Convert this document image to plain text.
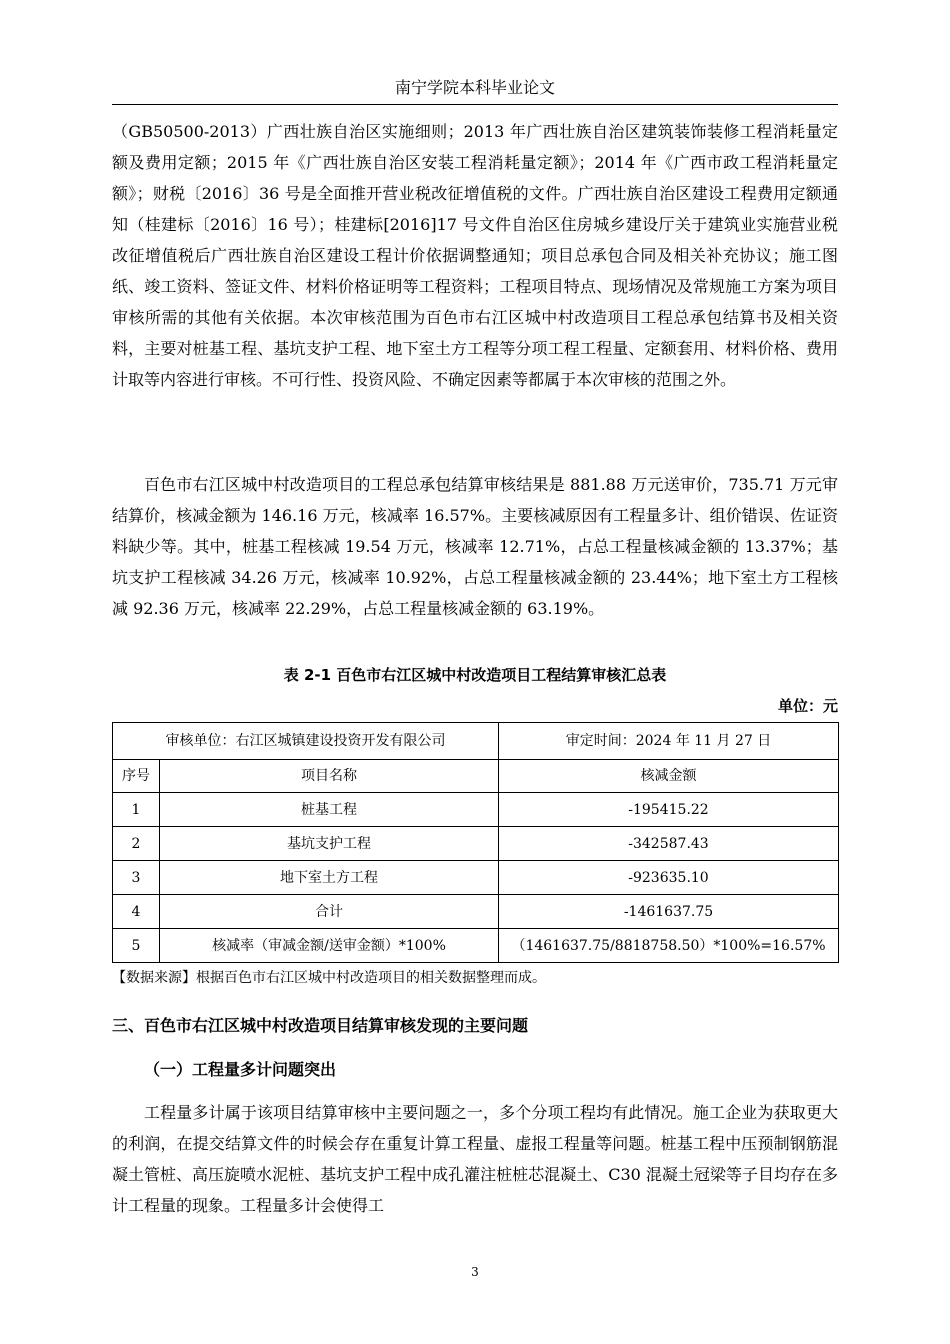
南宁学院本科毕业论文

（GB50500-2013）广西壮族自治区实施细则；2013 年广西壮族自治区建筑装饰装修工程消耗量定额及费用定额；2015 年《广西壮族自治区安装工程消耗量定额》；2014 年《广西市政工程消耗量定额》；财税〔2016〕36 号是全面推开营业税改征增值税的文件。广西壮族自治区建设工程费用定额通知（桂建标〔2016〕16 号）；桂建标[2016]17 号文件自治区住房城乡建设厅关于建筑业实施营业税改征增值税后广西壮族自治区建设工程计价依据调整通知；项目总承包合同及相关补充协议；施工图纸、竣工资料、签证文件、材料价格证明等工程资料；工程项目特点、现场情况及常规施工方案为项目审核所需的其他有关依据。本次审核范围为百色市右江区城中村改造项目工程总承包结算书及相关资料，主要对桩基工程、基坑支护工程、地下室土方工程等分项工程工程量、定额套用、材料价格、费用计取等内容进行审核。不可行性、投资风险、不确定因素等都属于本次审核的范围之外。

百色市右江区城中村改造项目的工程总承包结算审核结果是 881.88 万元送审价，735.71 万元审结算价，核减金额为 146.16 万元，核减率 16.57%。主要核减原因有工程量多计、组价错误、佐证资料缺少等。其中，桩基工程核减 19.54 万元，核减率 12.71%，占总工程量核减金额的 13.37%；基坑支护工程核减 34.26 万元，核减率 10.92%，占总工程量核减金额的 23.44%；地下室土方工程核减 92.36 万元，核减率 22.29%，占总工程量核减金额的 63.19%。

表 2-1 百色市右江区城中村改造项目工程结算审核汇总表
单位：元
审核单位：右江区城镇建设投资开发有限公司		审定时间：2024 年 11 月 27 日
序号	项目名称	核减金额
1	桩基工程	-195415.22
2	基坑支护工程	-342587.43
3	地下室土方工程	-923635.10
4	合计	-1461637.75
5	核减率（审减金额/送审金额）*100%	（1461637.75/8818758.50）*100%=16.57%
【数据来源】根据百色市右江区城中村改造项目的相关数据整理而成。
三、百色市右江区城中村改造项目结算审核发现的主要问题
（一）工程量多计问题突出

工程量多计属于该项目结算审核中主要问题之一，多个分项工程均有此情况。施工企业为获取更大的利润，在提交结算文件的时候会存在重复计算工程量、虚报工程量等问题。桩基工程中压预制钢筋混凝土管桩、高压旋喷水泥桩、基坑支护工程中成孔灌注桩桩芯混凝土、C30 混凝土冠梁等子目均存在多计工程量的现象。工程量多计会使得工

3
